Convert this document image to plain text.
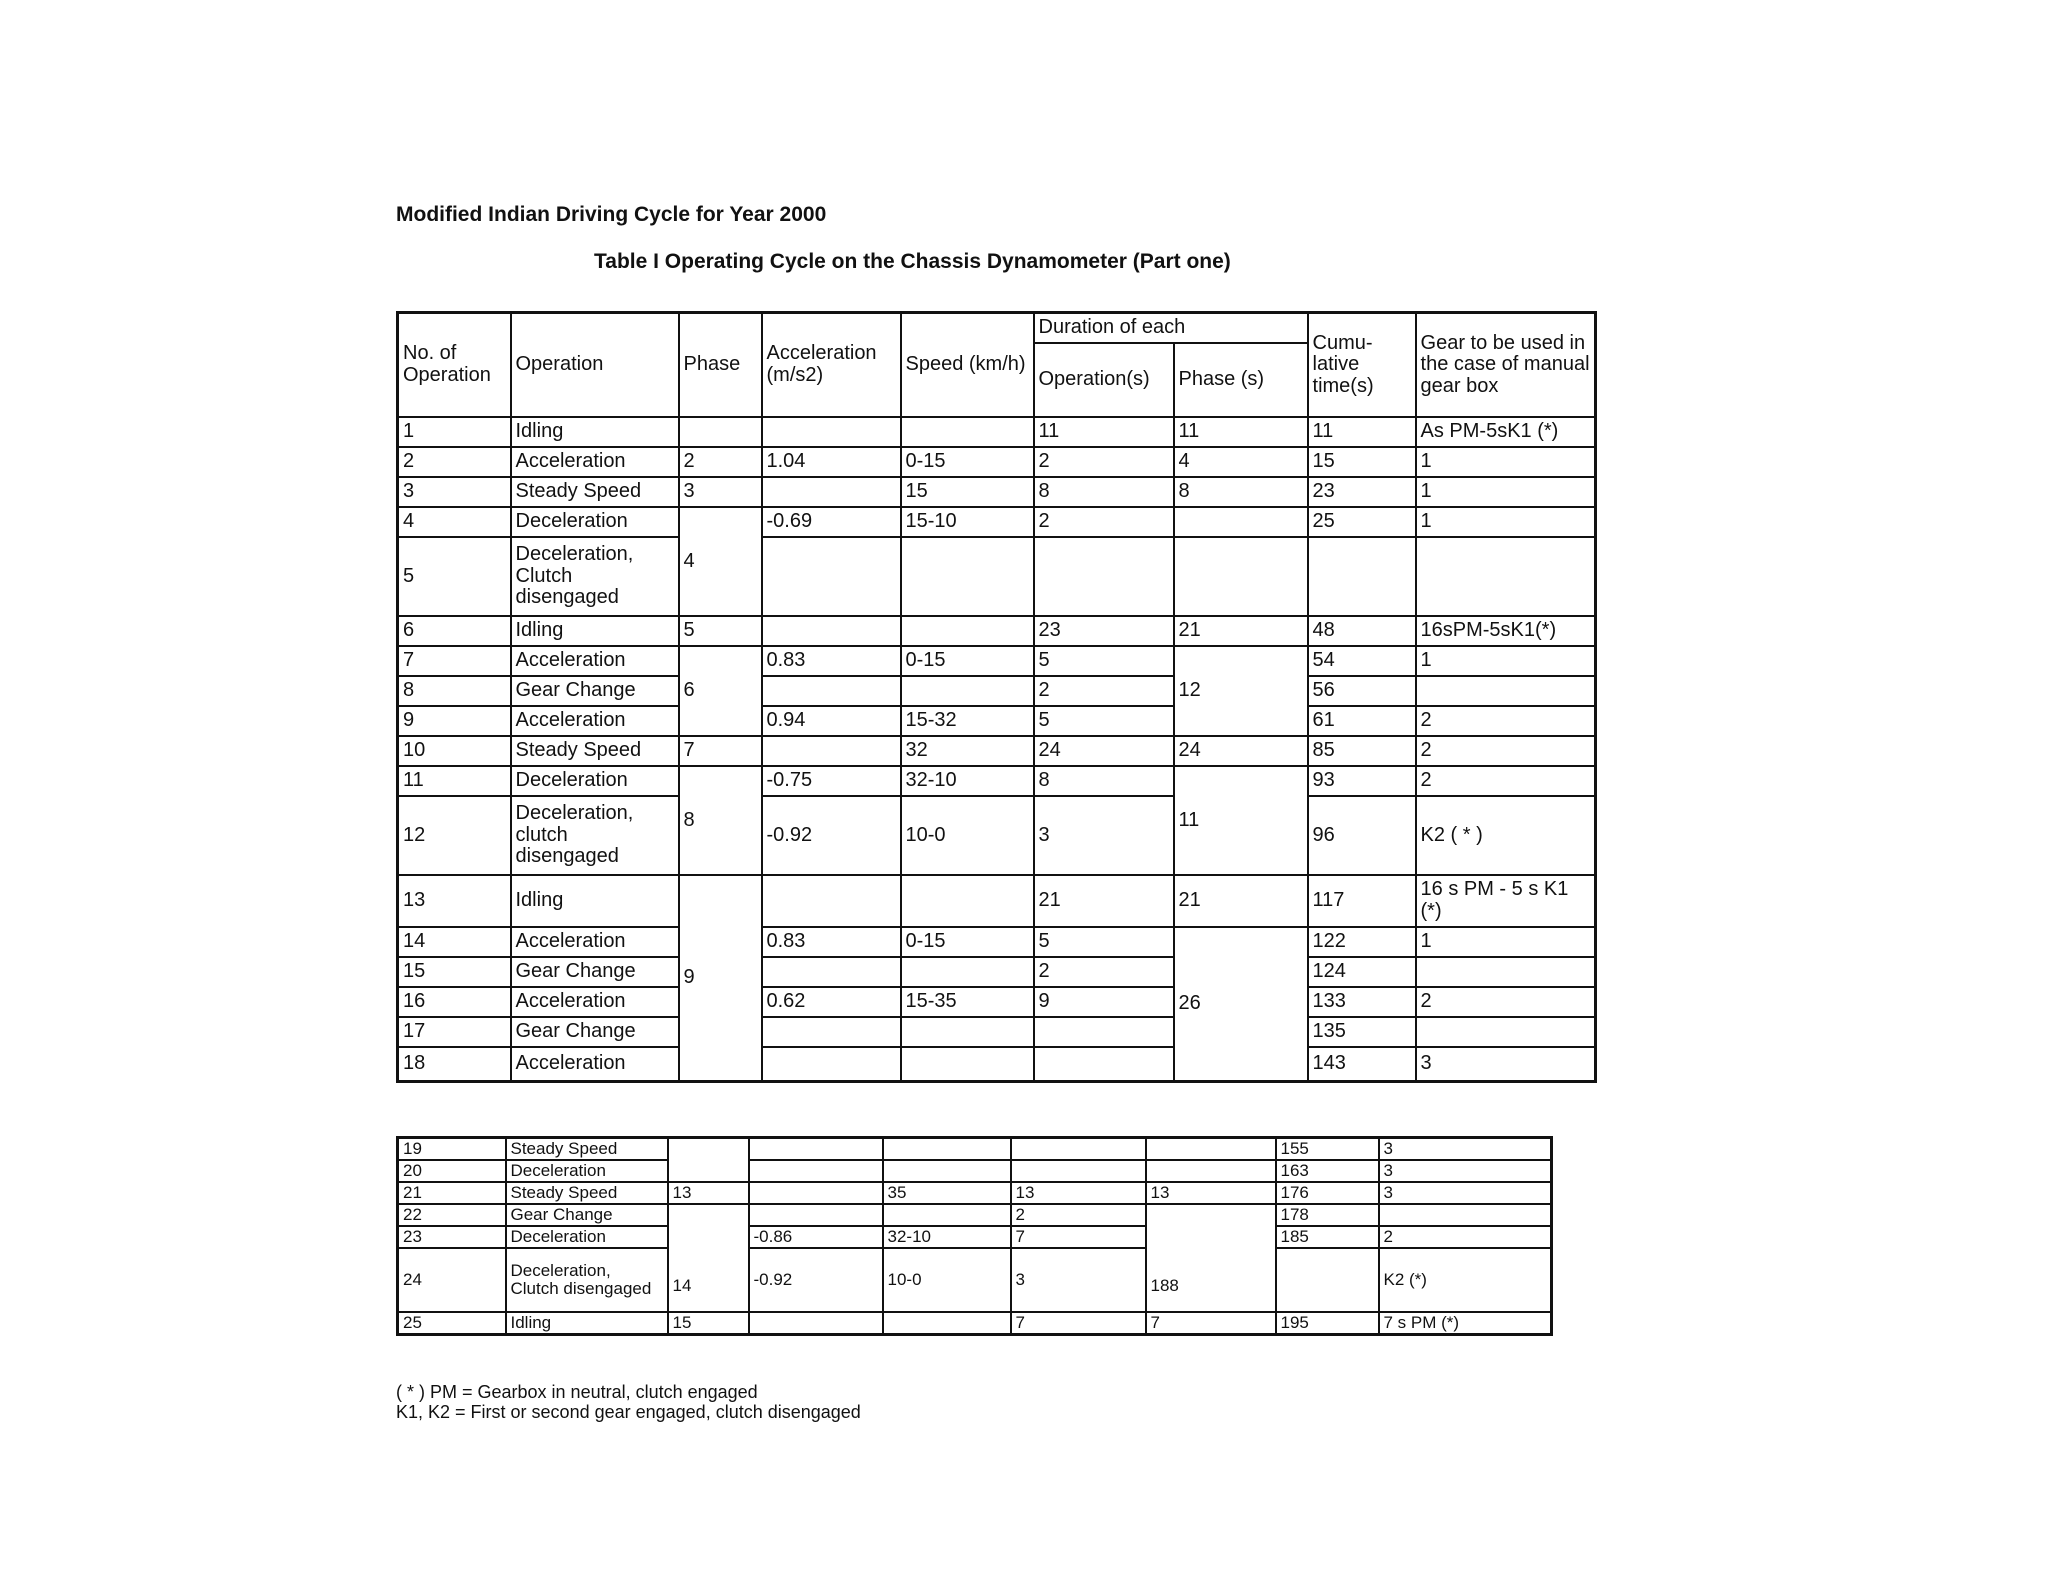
Modified Indian Driving Cycle for Year 2000
Table I Operating Cycle on the Chassis Dynamometer (Part one)
No. of Operation	Operation	Phase	Acceleration (m/s2)	Speed (km/h)	Duration of each		Cumu- lative time(s)	Gear to be used in the case of manual gear box
					Operation(s)	Phase (s)		
1	Idling				11	11	11	As PM-5sK1 (*)
2	Acceleration	2	1.04	0-15	2	4	15	1
3	Steady Speed	3		15	8	8	23	1
4	Deceleration	4	-0.69	15-10	2		25	1
5	Deceleration, Clutch disengaged							
6	Idling	5			23	21	48	16sPM-5sK1(*)
7	Acceleration	6	0.83	0-15	5	12	54	1
8	Gear Change				2		56	
9	Acceleration		0.94	15-32	5		61	2
10	Steady Speed	7		32	24	24	85	2
11	Deceleration	8	-0.75	32-10	8	11	93	2
12	Deceleration, clutch disengaged		-0.92	10-0	3		96	K2 ( * )
13	Idling	9			21	21	117	16 s PM - 5 s K1 (*)
14	Acceleration		0.83	0-15	5	26	122	1
15	Gear Change				2		124	
16	Acceleration		0.62	15-35	9		133	2
17	Gear Change						135	
18	Acceleration						143	3
19	Steady Speed						155	3
20	Deceleration						163	3
21	Steady Speed	13		35	13	13	176	3
22	Gear Change	14			2	188	178	
23	Deceleration		-0.86	32-10	7		185	2
24	Deceleration, Clutch disengaged		-0.92	10-0	3			K2 (*)
25	Idling	15			7	7	195	7 s PM (*)
( * ) PM = Gearbox in neutral, clutch engaged
K1, K2 = First or second gear engaged, clutch disengaged
